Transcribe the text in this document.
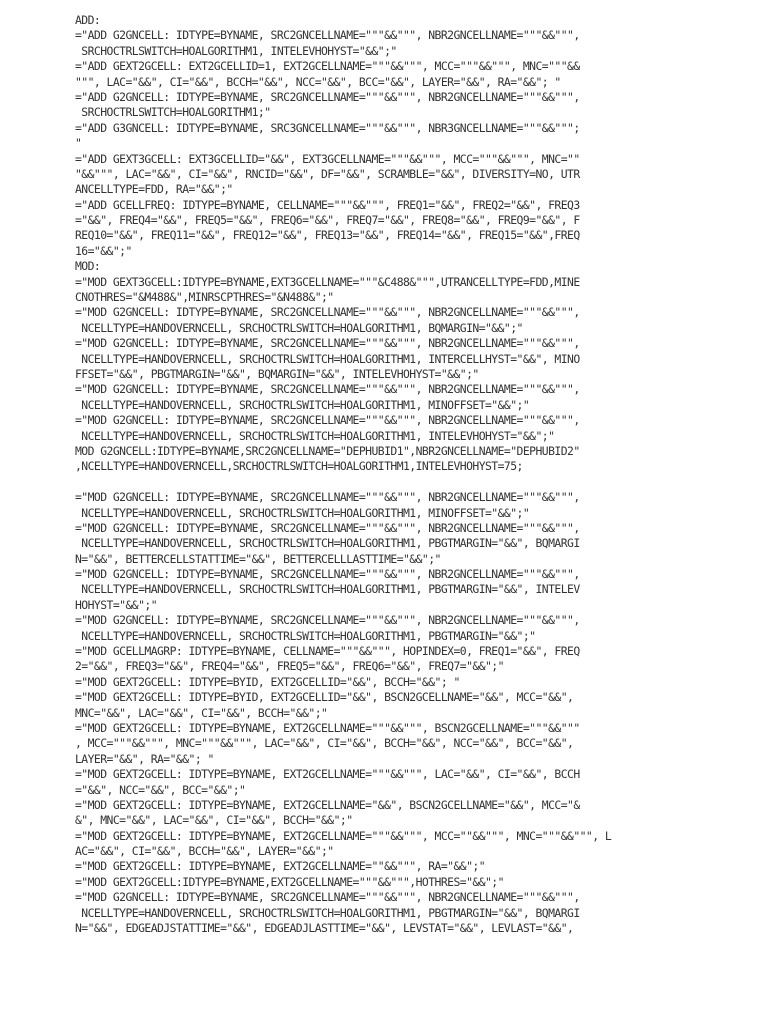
ADD:
="ADD G2GNCELL: IDTYPE=BYNAME, SRC2GNCELLNAME="""&&""", NBR2GNCELLNAME="""&&""",
SRCHOCTRLSWITCH=HOALGORITHM1, INTELEVHOHYST="&&";"
="ADD GEXT2GCELL: EXT2GCELLID=1, EXT2GCELLNAME="""&&""", MCC="""&&""", MNC="""&&
""", LAC="&&", CI="&&", BCCH="&&", NCC="&&", BCC="&&", LAYER="&&", RA="&&"; "
="ADD G2GNCELL: IDTYPE=BYNAME, SRC2GNCELLNAME="""&&""", NBR2GNCELLNAME="""&&""",
SRCHOCTRLSWITCH=HOALGORITHM1;"
="ADD G3GNCELL: IDTYPE=BYNAME, SRC3GNCELLNAME="""&&""", NBR3GNCELLNAME="""&&""";
"
="ADD GEXT3GCELL: EXT3GCELLID="&&", EXT3GCELLNAME="""&&""", MCC="""&&""", MNC=""
"&&""", LAC="&&", CI="&&", RNCID="&&", DF="&&", SCRAMBLE="&&", DIVERSITY=NO, UTR
ANCELLTYPE=FDD, RA="&&";"
="ADD GCELLFREQ: IDTYPE=BYNAME, CELLNAME="""&&""", FREQ1="&&", FREQ2="&&", FREQ3
="&&", FREQ4="&&", FREQ5="&&", FREQ6="&&", FREQ7="&&", FREQ8="&&", FREQ9="&&", F
REQ10="&&", FREQ11="&&", FREQ12="&&", FREQ13="&&", FREQ14="&&", FREQ15="&&",FREQ
16="&&";"
MOD:
="MOD GEXT3GCELL:IDTYPE=BYNAME,EXT3GCELLNAME="""&C488&""",UTRANCELLTYPE=FDD,MINE
CNOTHRES="&M488&",MINRSCPTHRES="&N488&";"
="MOD G2GNCELL: IDTYPE=BYNAME, SRC2GNCELLNAME="""&&""", NBR2GNCELLNAME="""&&""",
NCELLTYPE=HANDOVERNCELL, SRCHOCTRLSWITCH=HOALGORITHM1, BQMARGIN="&&";"
="MOD G2GNCELL: IDTYPE=BYNAME, SRC2GNCELLNAME="""&&""", NBR2GNCELLNAME="""&&""",
NCELLTYPE=HANDOVERNCELL, SRCHOCTRLSWITCH=HOALGORITHM1, INTERCELLHYST="&&", MINO
FFSET="&&", PBGTMARGIN="&&", BQMARGIN="&&", INTELEVHOHYST="&&";"
="MOD G2GNCELL: IDTYPE=BYNAME, SRC2GNCELLNAME="""&&""", NBR2GNCELLNAME="""&&""",
NCELLTYPE=HANDOVERNCELL, SRCHOCTRLSWITCH=HOALGORITHM1, MINOFFSET="&&";"
="MOD G2GNCELL: IDTYPE=BYNAME, SRC2GNCELLNAME="""&&""", NBR2GNCELLNAME="""&&""",
NCELLTYPE=HANDOVERNCELL, SRCHOCTRLSWITCH=HOALGORITHM1, INTELEVHOHYST="&&";"
MOD G2GNCELL:IDTYPE=BYNAME,SRC2GNCELLNAME="DEPHUBID1",NBR2GNCELLNAME="DEPHUBID2"
,NCELLTYPE=HANDOVERNCELL,SRCHOCTRLSWITCH=HOALGORITHM1,INTELEVHOHYST=75;
="MOD G2GNCELL: IDTYPE=BYNAME, SRC2GNCELLNAME="""&&""", NBR2GNCELLNAME="""&&""",
NCELLTYPE=HANDOVERNCELL, SRCHOCTRLSWITCH=HOALGORITHM1, MINOFFSET="&&";"
="MOD G2GNCELL: IDTYPE=BYNAME, SRC2GNCELLNAME="""&&""", NBR2GNCELLNAME="""&&""",
NCELLTYPE=HANDOVERNCELL, SRCHOCTRLSWITCH=HOALGORITHM1, PBGTMARGIN="&&", BQMARGI
N="&&", BETTERCELLSTATTIME="&&", BETTERCELLLASTTIME="&&";"
="MOD G2GNCELL: IDTYPE=BYNAME, SRC2GNCELLNAME="""&&""", NBR2GNCELLNAME="""&&""",
NCELLTYPE=HANDOVERNCELL, SRCHOCTRLSWITCH=HOALGORITHM1, PBGTMARGIN="&&", INTELEV
HOHYST="&&";"
="MOD G2GNCELL: IDTYPE=BYNAME, SRC2GNCELLNAME="""&&""", NBR2GNCELLNAME="""&&""",
NCELLTYPE=HANDOVERNCELL, SRCHOCTRLSWITCH=HOALGORITHM1, PBGTMARGIN="&&";"
="MOD GCELLMAGRP: IDTYPE=BYNAME, CELLNAME="""&&""", HOPINDEX=0, FREQ1="&&", FREQ
2="&&", FREQ3="&&", FREQ4="&&", FREQ5="&&", FREQ6="&&", FREQ7="&&";"
="MOD GEXT2GCELL: IDTYPE=BYID, EXT2GCELLID="&&", BCCH="&&"; "
="MOD GEXT2GCELL: IDTYPE=BYID, EXT2GCELLID="&&", BSCN2GCELLNAME="&&", MCC="&&",
MNC="&&", LAC="&&", CI="&&", BCCH="&&";"
="MOD GEXT2GCELL: IDTYPE=BYNAME, EXT2GCELLNAME="""&&""", BSCN2GCELLNAME="""&&"""
, MCC="""&&""", MNC="""&&""", LAC="&&", CI="&&", BCCH="&&", NCC="&&", BCC="&&",
LAYER="&&", RA="&&"; "
="MOD GEXT2GCELL: IDTYPE=BYNAME, EXT2GCELLNAME="""&&""", LAC="&&", CI="&&", BCCH
="&&", NCC="&&", BCC="&&";"
="MOD GEXT2GCELL: IDTYPE=BYNAME, EXT2GCELLNAME="&&", BSCN2GCELLNAME="&&", MCC="&
&", MNC="&&", LAC="&&", CI="&&", BCCH="&&";"
="MOD GEXT2GCELL: IDTYPE=BYNAME, EXT2GCELLNAME="""&&""", MCC=""&&""", MNC="""&&""", L
AC="&&", CI="&&", BCCH="&&", LAYER="&&";"
="MOD GEXT2GCELL: IDTYPE=BYNAME, EXT2GCELLNAME=""&&""", RA="&&";"
="MOD GEXT2GCELL:IDTYPE=BYNAME,EXT2GCELLNAME="""&&""",HOTHRES="&&";"
="MOD G2GNCELL: IDTYPE=BYNAME, SRC2GNCELLNAME="""&&""", NBR2GNCELLNAME="""&&""",
NCELLTYPE=HANDOVERNCELL, SRCHOCTRLSWITCH=HOALGORITHM1, PBGTMARGIN="&&", BQMARGI
N="&&", EDGEADJSTATTIME="&&", EDGEADJLASTTIME="&&", LEVSTAT="&&", LEVLAST="&&",
